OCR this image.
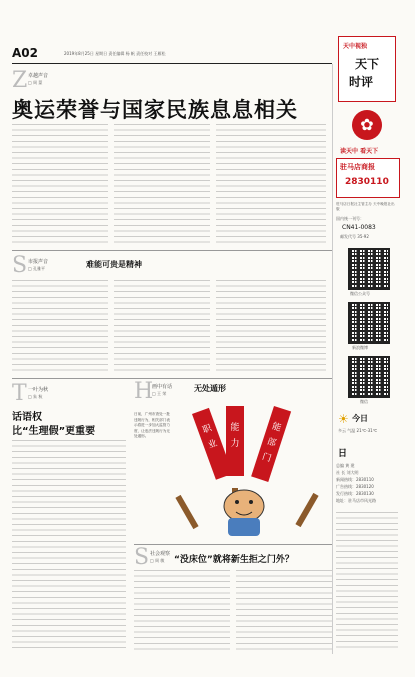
A02	2019年8月25日 星期日 责任编辑 杨 帆 责任校对 王雁松
天中视独
天下
时评
Z 卓越声音
□ 周 蒙
奥运荣誉与国家民族息息相关
S 市报声音
□ 孔雅平	难能可贵是精神
T 一叶为秋
□ 朱 秋
话语权
比“生理假”更重要
H
画中有话
□ 王 荣
无处遁形
日前，广州市查处一批违规行为，相关部门表示将进一步加大监管力度，让违法违规行为无处遁形。
职
业
能
力
能
部
门
S 社会观察
□ 周 敏 “没床位”就将新生拒之门外？
✿
读天中 看天下
驻马店商报
2830110
驻马店日报社主管主办 天中晚报社出版
国内统一刊号：
CN41-0083
邮发代号 35-92
微信公众号
新浪微博
微信
☀ 今日
多云 气温 21℃-31℃
日
总编 黄 建
社 长 刘大明
新闻热线：2830110
广告热线：2830120
发行热线：2830130
地址：驻马店市风光路
